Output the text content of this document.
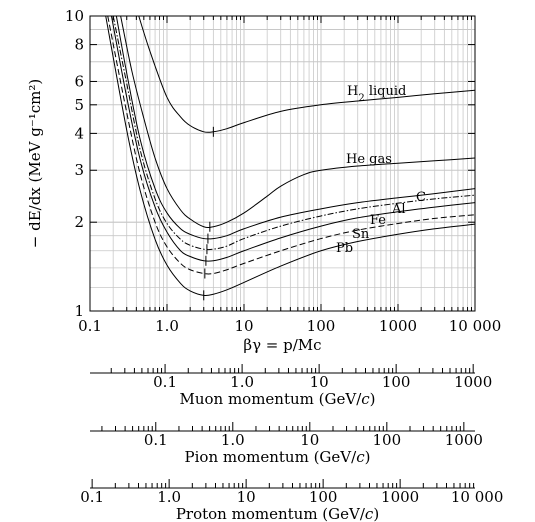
$H_2$ liquid
He gas
C
Al
Fe
Sn
Pb
0.1	1.0	10	100	1000 10 000
1
2
3
4
5
6
8
10
0.1	1.0	10	100	1000
Muon momentum (GeV/c)
0.1	1.0	10	100	1000
Pion momentum (GeV/c)
0.1	1.0	10	100	1000 10 000
Proton momentum (GeV/c)
βγ = p/Mc
− dE/dx (MeV g⁻¹cm²)
